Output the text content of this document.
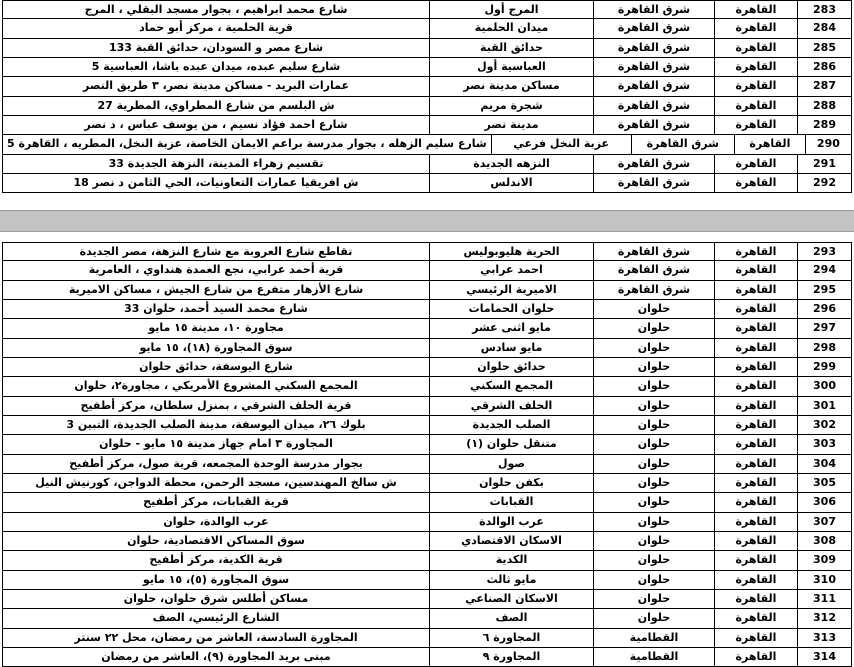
283
القاهرة
شرق القاهرة
المرج أول
شارع محمد ابراهيم ، بجوار مسجد البقلي ، المرج
284
القاهرة
شرق القاهرة
ميدان الحلمية
قرية الحلمية ، مركز أبو حماد
285
القاهرة
شرق القاهرة
حدائق القبة
شارع مصر و السودان، حدائق القبة 133
286
القاهرة
شرق القاهرة
العباسية أول
شارع سليم عبده، ميدان عبده باشا، العباسية 5
287
القاهرة
شرق القاهرة
مساكن مدينة نصر
عمارات البريد - مساكن مدينة نصر، ٣ طريق النصر
288
القاهرة
شرق القاهرة
شجرة مريم
ش البلسم من شارع المطراوي، المطرية 27
289
القاهرة
شرق القاهرة
مدينة نصر
شارع احمد فؤاد نسيم ، من يوسف عباس ، د نصر
290
القاهرة
شرق القاهرة
عزبة النخل فرعي
شارع سليم الزهله ، بجوار مدرسة براعم الايمان الخاصة، عزبة النخل، المطريه ، القاهرة 5
291
القاهرة
شرق القاهرة
النزهه الجديدة
تقسيم زهراء المدينة، النزهة الجديدة 33
292
القاهرة
شرق القاهرة
الاندلس
ش افريقيا عمارات التعاونيات، الحي الثامن د نصر 18
293
القاهرة
شرق القاهرة
الحرية هليوبوليس
تقاطع شارع العروبة مع شارع النزهة، مصر الجديدة
294
القاهرة
شرق القاهرة
احمد عرابي
قرية أحمد عرابي، نجع العمدة هنداوي ، العامرية
295
القاهرة
شرق القاهرة
الاميرية الرئيسي
شارع الأزهار متفرع من شارع الجيش ، مساكن الاميرية
296
القاهرة
حلوان
حلوان الحمامات
شارع محمد السيد أحمد، حلوان 33
297
القاهرة
حلوان
مايو اثنى عشر
مجاورة ١٠، مدينة ١٥ مايو
298
القاهرة
حلوان
مايو سادس
سوق المجاورة (١٨)، ١٥ مايو
299
القاهرة
حلوان
حدائق حلوان
شارع اليوسفة، حدائق حلوان
300
القاهرة
حلوان
المجمع السكني
المجمع السكني المشروع الأمريكي ، مجاورة٢، حلوان
301
القاهرة
حلوان
الحلف الشرقي
قرية الحلف الشرقي ، بمنزل سلطان، مركز أطفيح
302
القاهرة
حلوان
الصلب الجديدة
بلوك ٢٦، ميدان اليوسفة، مدينة الصلب الجديدة، التبين 3
303
القاهرة
حلوان
متنقل حلوان (١)
المجاورة ٣ امام جهاز مدينة ١٥ مايو - حلوان
304
القاهرة
حلوان
صول
بجوار مدرسة الوحدة المجمعه، قرية صول، مركز أطفيح
305
القاهرة
حلوان
بكفن حلوان
ش سالخ المهندسين، مسجد الرحمن، محطة الدواجن، كورنيش النيل
306
القاهرة
حلوان
القبابات
قرية القبابات، مركز أطفيح
307
القاهرة
حلوان
عرب الوالدة
عرب الوالدة، حلوان
308
القاهرة
حلوان
الاسكان الاقتصادي
سوق المساكن الاقتصادية، حلوان
309
القاهرة
حلوان
الكدية
قرية الكدية، مركز أطفيح
310
القاهرة
حلوان
مايو ثالث
سوق المجاورة (٥)، ١٥ مايو
311
القاهرة
حلوان
الاسكان الصناعي
مساكن أطلس شرق حلوان، حلوان
312
القاهرة
حلوان
الصف
الشارع الرئيسي، الصف
313
القاهرة
القطامية
المجاورة ٦
المجاورة السادسة، العاشر من رمضان، محل ٢٢ سنتر
314
القاهرة
القطامية
المجاورة ٩
مبنى بريد المجاورة (٩)، العاشر من رمضان
